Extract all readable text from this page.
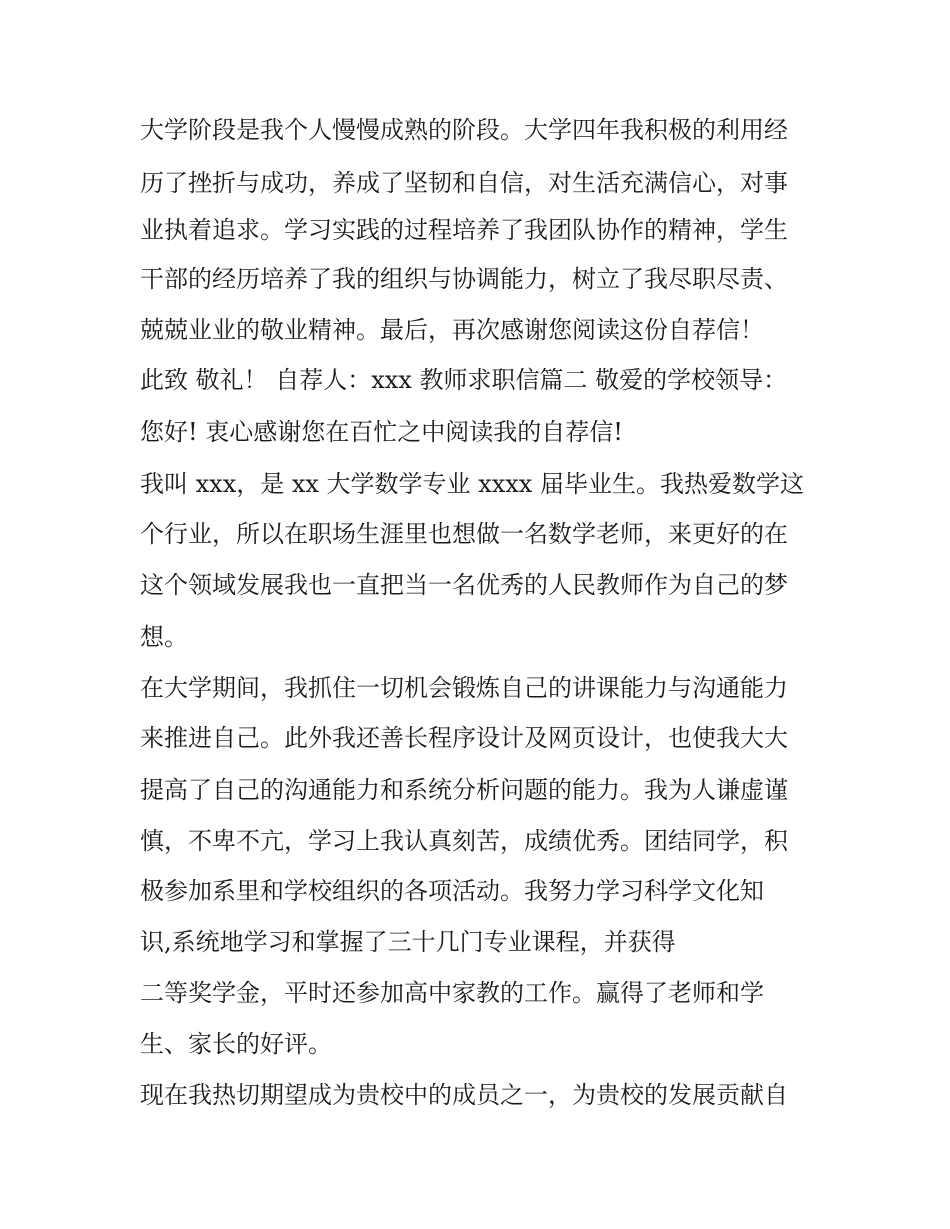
大学阶段是我个人慢慢成熟的阶段。大学四年我积极的利用经
历了挫折与成功，养成了坚韧和自信，对生活充满信心，对事
业执着追求。学习实践的过程培养了我团队协作的精神，学生
干部的经历培养了我的组织与协调能力，树立了我尽职尽责、
兢兢业业的敬业精神。最后，再次感谢您阅读这份自荐信！
此致 敬礼！ 自荐人：xxx 教师求职信篇二 敬爱的学校领导：
您好! 衷心感谢您在百忙之中阅读我的自荐信!
我叫 xxx，是 xx 大学数学专业 xxxx 届毕业生。我热爱数学这
个行业，所以在职场生涯里也想做一名数学老师，来更好的在
这个领域发展我也一直把当一名优秀的人民教师作为自己的梦
想。
在大学期间，我抓住一切机会锻炼自己的讲课能力与沟通能力
来推进自己。此外我还善长程序设计及网页设计，也使我大大
提高了自己的沟通能力和系统分析问题的能力。我为人谦虚谨
慎，不卑不亢，学习上我认真刻苦，成绩优秀。团结同学，积
极参加系里和学校组织的各项活动。我努力学习科学文化知
识,系统地学习和掌握了三十几门专业课程，并获得
二等奖学金，平时还参加高中家教的工作。赢得了老师和学
生、家长的好评。
现在我热切期望成为贵校中的成员之一，为贵校的发展贡献自
